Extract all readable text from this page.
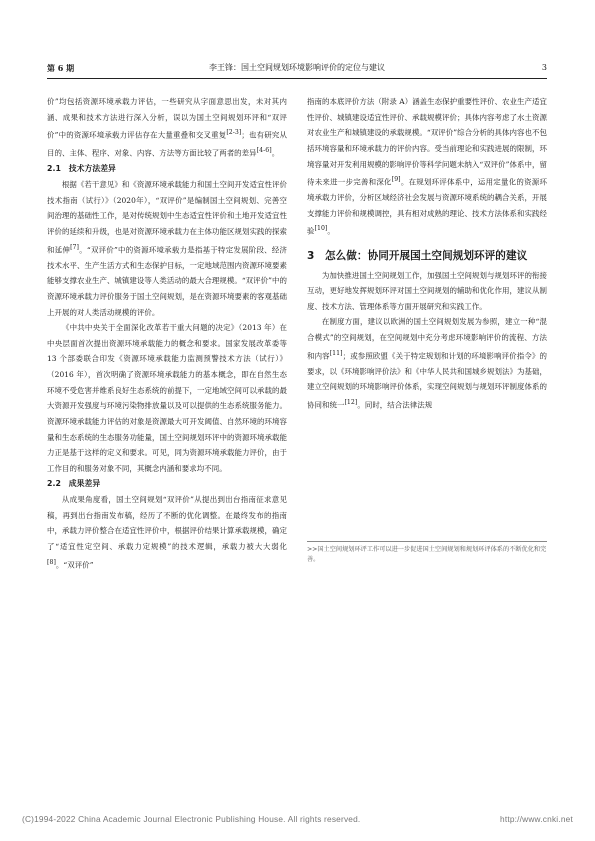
第 6 期	李王锋：国土空间规划环境影响评价的定位与建议	3

价”均包括资源环境承载力评估，一些研究从字面意思出发，未对其内涵、成果和技术方法进行深入分析，误以为国土空间规划环评和“双评价”中的资源环境承载力评估存在大量重叠和交叉重复[2-3]；也有研究从目的、主体、程序、对象、内容、方法等方面比较了两者的差异[4-6]。

2.1　技术方法差异

根据《若干意见》和《资源环境承载能力和国土空间开发适宜性评价技术指南（试行）》（2020年），“双评价”是编制国土空间规划、完善空间治理的基础性工作，是对传统规划中生态适宜性评价和土地开发适宜性评价的延续和升级，也是对资源环境承载力在主体功能区规划实践的探索和延伸[7]。“双评价”中的资源环境承载力是指基于特定发展阶段、经济技术水平、生产生活方式和生态保护目标，一定地域范围内资源环境要素能够支撑农业生产、城镇建设等人类活动的最大合理规模。“双评价”中的资源环境承载力评价服务于国土空间规划，是在资源环境要素的客观基础上开展的对人类活动规模的评价。

《中共中央关于全面深化改革若干重大问题的决定》（2013 年）在中央层面首次提出资源环境承载能力的概念和要求。国家发展改革委等 13 个部委联合印发《资源环境承载能力监测预警技术方法（试行）》（2016 年），首次明确了资源环境承载能力的基本概念，即在自然生态环境不受危害并维系良好生态系统的前提下，一定地域空间可以承载的最大资源开发强度与环境污染物排放量以及可以提供的生态系统服务能力。资源环境承载能力评估的对象是资源最大可开发阈值、自然环境的环境容量和生态系统的生态服务功能量，国土空间规划环评中的资源环境承载能力正是基于这样的定义和要求。可见，同为资源环境承载能力评价，由于工作目的和服务对象不同，其概念内涵和要求均不同。

2.2　成果差异

从成果角度看，国土空间规划“双评价”从提出到出台指南征求意见稿，再到出台指南发布稿，经历了不断的优化调整。在最终发布的指南中，承载力评价整合在适宜性评价中，根据评价结果计算承载规模，确定了“适宜性定空间、承载力定规模”的技术逻辑，承载力被大大弱化[8]。“双评价”

指南的本底评价方法（附录 A）涵盖生态保护重要性评价、农业生产适宜性评价、城镇建设适宜性评价、承载规模评价；具体内容考虑了水土资源对农业生产和城镇建设的承载规模。“双评价”综合分析的具体内容也不包括环境容量和环境承载力的评价内容。受当前理论和实践进展的限制，环境容量对开发利用规模的影响评价等科学问题未纳入“双评价”体系中，留待未来进一步完善和深化[9]。在规划环评体系中，运用定量化的资源环境承载力评价，分析区域经济社会发展与资源环境系统的耦合关系，开展支撑能力评价和规模调控，具有相对成熟的理论、技术方法体系和实践经验[10]。

3 怎么做：协同开展国土空间规划环评的建议

为加快推进国土空间规划工作，加强国土空间规划与规划环评的衔接互动，更好地发挥规划环评对国土空间规划的辅助和优化作用，建议从制度、技术方法、管理体系等方面开展研究和实践工作。

在制度方面，建议以欧洲的国土空间规划发展为参照，建立一种“混合模式”的空间规划，在空间规划中充分考虑环境影响评价的流程、方法和内容[11]；或参照欧盟《关于特定规划和计划的环境影响评价指令》的要求，以《环境影响评价法》和《中华人民共和国城乡规划法》为基础，建立空间规划的环境影响评价体系，实现空间规划与规划环评制度体系的协同和统一[12]。同时，结合法律法规

>>国土空间规划环评工作可以进一步促进国土空间规划和规划环评体系的不断优化和完善。

(C)1994-2022 China Academic Journal Electronic Publishing House. All rights reserved.	http://www.cnki.net
